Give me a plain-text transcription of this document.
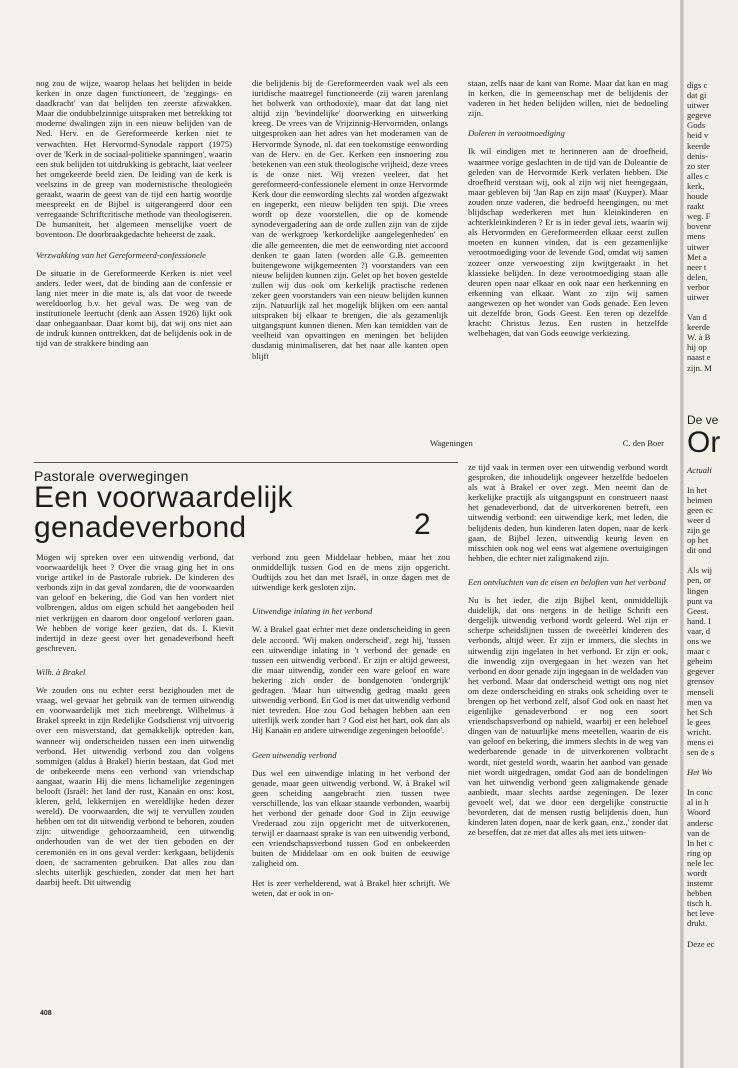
nog zou de wijze, waarop helaas het belijden in beide kerken in onze dagen functioneert, de 'zeggings- en daadkracht' van dat belijden ten zeerste afzwakken. Maar die ondubbelzinnige uitspraken met betrekking tot moderne dwalingen zijn in een nieuw belijden van de Ned. Herv. en de Gereformeerde kerken niet te verwachten. Het Hervormd-Synodale rapport (1975) over de 'Kerk in de sociaal-politieke spanningen', waarin een stuk belijden tot uitdrukking is gebracht, laat veeleer het omgekeerde beeld zien. De leiding van de kerk is veelszins in de greep van modernistische theologieën geraakt, waarin de geest van de tijd een hartig woordje meespreekt en de Bijbel is uitgerangeerd door een verregaande Schriftcritische methode van theologiseren. De humaniteit, het algemeen menselijke voert de boventoon. De doorbraakgedachte beheerst de zaak.

Verzwakking van het Gereformeerd-confessionele

De situatie in de Gereformeerde Kerken is niet veel anders. Ieder weet, dat de binding aan de confessie er lang niet meer in die mate is, als dat voor de tweede wereldoorlog b.v. het geval was. De weg van de institutionele leertucht (denk aan Assen 1926) lijkt ook daar onbegaanbaar. Daar komt bij, dat wij ons niet aan de indruk kunnen onttrekken, dat de belijdenis ook in de tijd van de strakkere binding aan

die belijdenis bij de Gereformeerden vaak wel als een iuridische maatregel functioneerde (zij waren jarenlang het bolwerk van orthodoxie), maar dat dat lang niet altijd zijn 'bevindelijke' doorwerking en uitwerking kreeg. De vrees van de Vrijzinnig-Hervormden, onlangs uitgesproken aan het adres van het moderamen van de Hervormde Synode, nl. dat een toekomstige eenwording van de Herv. en de Ger. Kerken een insnoering zou betekenen van een stuk theologische vrijheid, deze vrees is de onze niet. Wij vrezen veeleer, dat het gereformeerd-confessionele element in onze Hervormde Kerk door die eenwording slechts zal worden afgezwakt en ingeperkt, een nieuw belijden ten spijt. Die vrees wordt op deze voorstellen, die op de komende synodevergadering aan de orde zullen zijn van de zijde van de werkgroep 'kerkordelijke aangelegenheden' en die alle gemeenten, die met de eenwording niet accoord denken te gaan laten (worden alle G.B. gemeenten buitengewone wijkgemeenten ?) voorstanders van een nieuw belijden kunnen zijn. Gelet op het boven gestelde zullen wij dus ook om kerkelijk practische redenen zeker geen voorstanders van een nieuw belijden kunnen zijn. Natuurlijk zal het mogelijk blijken om een aantal uitspraken bij elkaar te brengen, die als gezamenlijk uitgangspunt kunnen dienen. Men kan temidden van de veelheid van opvattingen en meningen het belijden dusdanig minimaliseren, dat het naar alle kanten open blijft

staan, zelfs naar de kant van Rome. Maar dat kan en mag in kerken, die in gemeenschap met de belijdenis der vaderen in het heden belijden willen, niet de bedoeling zijn.

Doleren in verootmoediging

Ik wil eindigen met te herinneren aan de droefheid, waarmee vorige geslachten in de tijd van de Doleantie de geleden van de Hervormde Kerk verlaten hebben. Die droefheid verstaan wij, ook al zijn wij niet heengegaan, maar gebleven bij 'Jan Rap en zijn maat' (Kuyper). Maar zouden onze vaderen, die bedroefd heengingen, nu met blijdschap wederkeren met hun kleinkinderen en achterkleinkinderen ? Er is in ieder geval iets, waarin wij als Hervormden en Gereformeerden elkaar eerst zullen moeten en kunnen vinden, dat is een gezamenlijke verootmoediging voor de levende God, omdat wij samen zozeer onze verwoesting zijn kwijtgeraakt in het klassieke belijden. In deze verootmoediging staan alle deuren open naar elkaar en ook naar een herkenning en erkenning van elkaar. Want zo zijn wij samen aangewezen op het wonder van Gods genade. Een leven uit dezelfde bron, Gods Geest. Een teren op dezelfde kracht: Christus Jezus. Een rusten in hetzelfde welbehagen, dat van Gods eeuwige verkiezing.

Wageningen	C. den Boer
Pastorale overwegingen
Een voorwaardelijk
genadeverbond	2

Mogen wij spreken over een uitwendig verbond, dat voorwaardelijk heet ? Over die vraag ging het in ons vorige artikel in de Pastorale rubriek. De kinderen des verbonds zijn in dat geval zondaren, die de voorwaarden van geloof en bekering, die God van hen vordert niet volbrengen, aldus om eigen schuld het aangeboden heil niet verkrijgen en daarom door ongeloof verloren gaan. We hebben de vorige keer gezien, dat ds. I. Kievit indertijd in deze geest over het genadeverbond heeft geschreven.

Wilh. à Brakel

We zouden ons nu echter eerst bezighouden met de vraag, wel gevaar het gebruik van de termen uitwendig en voorwaardelijk met zich meebrengt. Wilhelmus à Brakel spreekt in zijn Redelijke Godsdienst vrij uitvoerig over een misverstand, dat gemakkelijk optreden kan, wanneer wij onderscheiden tussen een inen uitwendig verbond. Het uitwendig verbond zou dan volgens sommigen (aldus à Brakel) hierin bestaan, dat God met de onbekeerde mens een verbond van vriendschap aangaat, waarin Hij die mens lichamelijke zegeningen belooft (Israël: het land der rust, Kanaän en ons: kost, kleren, geld, lekkernijen en wereldlijke heden dezer wereld). De voorwaarden, die wij te vervullen zouden hebben om tot dit uitwendig verbond te behoren, zouden zijn: uitwendige gehoorzaamheid, een uitwendig onderhouden van de wet der tien geboden en der ceremoniën en in ons geval verder: kerkgaan, belijdenis doen, de sacramenten gebruiken. Dat alles zou dan slechts uiterlijk geschieden, zonder dat men het hart daarbij heeft. Dit uitwendig

verbond zou geen Middelaar hebben, maar het zou onmiddellijk tussen God en de mens zijn opgericht. Oudtijds zou het dan met Israël, in onze dagen met de uitwendige kerk gesloten zijn.

Uitwendige inlating in het verbond

W. à Brakel gaat echter met deze onderscheiding in geen dele accoord. 'Wij maken onderscheid', zegt hij, 'tussen een uitwendige inlating in 't verbond der genade en tussen een uitwendig verbond'. Er zijn er altijd geweest, die maar uitwendig, zonder een ware geloof en ware bekering zich onder de bondgenoten 'ondergrijk' gedragen. 'Maar hun uitwendig gedrag maakt geen uitwendig verbond. En God is met dat uitwendig verbond niet tevreden. Hoe zou God behagen hebben aan een uiterlijk werk zonder hart ? God eist het hart, ook dan als Hij Kanaän en andere uitwendige zegeningen beloofde'.

Geen uitwendig verbond

Dus wel een uitwendige inlating in het verbond der genade, maar geen uitwendig verbond. W. à Brakel wil geen scheiding aangebracht zien tussen twee verschillende, los van elkaar staande verbonden, waarbij het verbond der genade door God in Zijn eeuwige Vrederaad zou zijn opgericht met de uitverkorenen, terwijl er daarnaast sprake is van een uitwendig verbond, een vriendschapsverbond tussen God en onbekeerden buiten de Middelaar om en ook buiten de eeuwige zaligheid om.

Het is zeer verhelderend, wat à Brakel hier schrijft. We weten, dat er ook in on-

ze tijd vaak in termen over een uitwendig verbond wordt gesproken, die inhoudelijk ongeveer hetzelfde bedoelen als wat à Brakel er over zegt. Men neemt dan de kerkelijke practijk als uitgangspunt en construeert naast het genadeverbond, dat de uitverkorenen betreft, een uitwendig verbond: een uitwendige kerk, met leden, die belijdenis deden, hun kinderen laten dopen, naar de kerk gaan, de Bijbel lezen, uitwendig keurig leven en misschien ook nog wel eens wat algemene overtuigingen hebben, die echter niet zaligmakend zijn.

Een ontvluchten van de eisen en beloften van het verbond

Nu is het ieder, die zijn Bijbel kent, onmiddellijk duidelijk, dat ons nergens in de heilige Schrift een dergelijk uitwendig verbond wordt geleerd. Wel zijn er scherpe scheidslijnen tussen de tweeërlei kinderen des verbonds, altijd weer. Er zijn er immers, die slechts in uitwendig zijn ingelaten in het verbond. Er zijn er ook, die inwendig zijn overgegaan in het wezen van het verbond en door genade zijn ingegaan in de weldaden van het verbond. Maar dat onderscheid wettigt ons nog niet om deze onderscheiding en straks ook scheiding over te brengen op het verbond zelf, alsof God ook en naast het eigenlijke genadeverbond er nog een soort vriendschapsverbond op nahield, waarbij er een heleboel dingen van de natuurlijke mens meetellen, waarin de eis van geloof en bekering, die immers slechts in de weg van wederbarende genade in de uitverkorenen volbracht wordt, niet gesteld wordt, waarin het aanbod van genade niet wordt uitgedragen, omdat God aan de bondelingen van het uitwendig verbond geen zaligmakende genade aanbiedt, maar slechts aardse zegeningen. De lezer gevoelt wel, dat we door een dergelijke constructie bevorderen, dat de mensen rustig belijdenis doen, hun kinderen laten dopen, naar de kerk gaan, enz.,' zonder dat ze beseffen, dat ze met dat alles als met iets uitwen-

408
digs c
dat gi
uitwer
gegeve
Gods
heid v
keerde
denis-
zo ster
alles c
kerk,
houde
raakt
weg. F
bovenr
mens
uitwer
Met a
neer t
delen,
verbor
uitwer
Van d
keerde
W. à B
hij op
naast e
zijn. M
De ve
Or
Actuali
In het
heimen
geen ec
weer d
zijn ge
op het
dit ond
Als wij
pen, or
lingen
punt va
Geest.
hand. I
vaar, d
ons we
maar c
geheim
gegever
grensov
menseli
men va
het Sch
le gees
wricht.
mens ei
sen de s
Het Wo
In conc
al in h
Woord
andersc
van de
In het c
ring op
nele lec
wordt
instemr
hebben
tisch h.
het leve
drukt.
Deze ec
